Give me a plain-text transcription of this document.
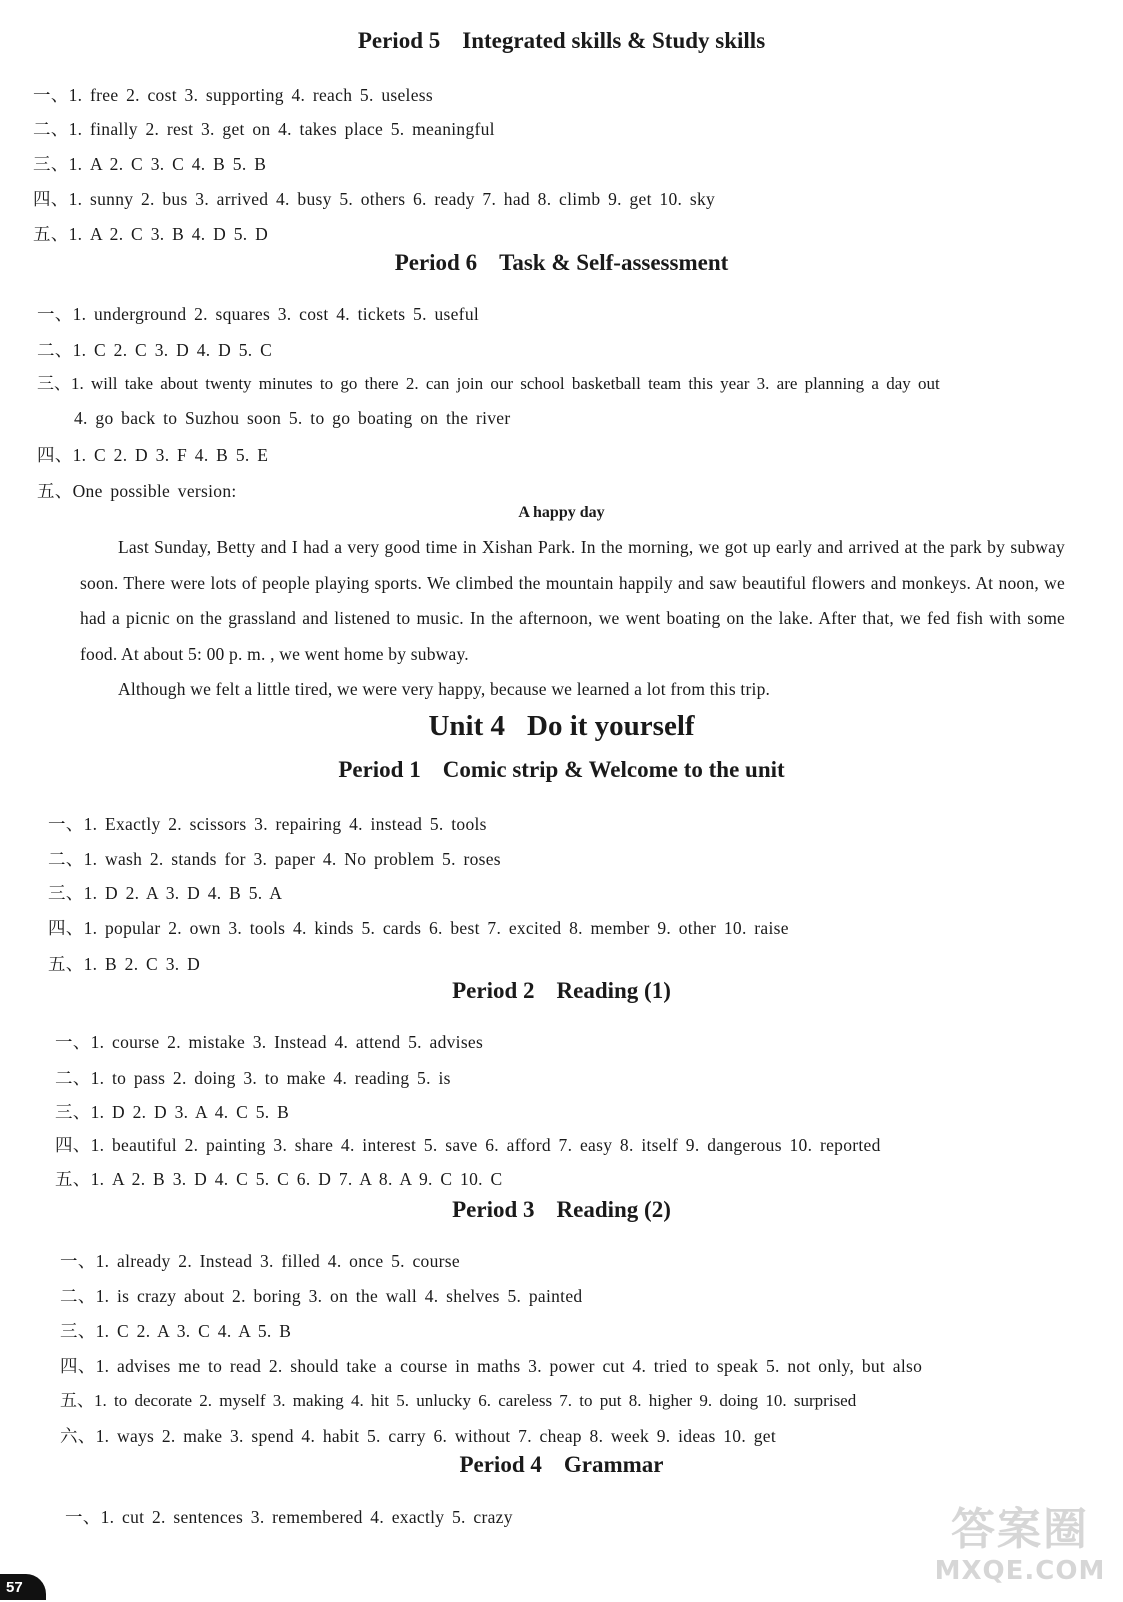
Period 5 Integrated skills & Study skills
一、1. free 2. cost 3. supporting 4. reach 5. useless
二、1. finally 2. rest 3. get on 4. takes place 5. meaningful
三、1. A 2. C 3. C 4. B 5. B
四、1. sunny 2. bus 3. arrived 4. busy 5. others 6. ready 7. had 8. climb 9. get 10. sky
五、1. A 2. C 3. B 4. D 5. D
Period 6 Task & Self-assessment
一、1. underground 2. squares 3. cost 4. tickets 5. useful
二、1. C 2. C 3. D 4. D 5. C
三、1. will take about twenty minutes to go there 2. can join our school basketball team this year 3. are planning a day out
4. go back to Suzhou soon 5. to go boating on the river
四、1. C 2. D 3. F 4. B 5. E
五、One possible version:
A happy day
Last Sunday, Betty and I had a very good time in Xishan Park. In the morning, we got up early and arrived at the park by subway soon. There were lots of people playing sports. We climbed the mountain happily and saw beautiful flowers and monkeys. At noon, we had a picnic on the grassland and listened to music. In the afternoon, we went boating on the lake. After that, we fed fish with some food. At about 5: 00 p. m. , we went home by subway.
Although we felt a little tired, we were very happy, because we learned a lot from this trip.
Unit 4 Do it yourself
Period 1 Comic strip & Welcome to the unit
一、1. Exactly 2. scissors 3. repairing 4. instead 5. tools
二、1. wash 2. stands for 3. paper 4. No problem 5. roses
三、1. D 2. A 3. D 4. B 5. A
四、1. popular 2. own 3. tools 4. kinds 5. cards 6. best 7. excited 8. member 9. other 10. raise
五、1. B 2. C 3. D
Period 2 Reading (1)
一、1. course 2. mistake 3. Instead 4. attend 5. advises
二、1. to pass 2. doing 3. to make 4. reading 5. is
三、1. D 2. D 3. A 4. C 5. B
四、1. beautiful 2. painting 3. share 4. interest 5. save 6. afford 7. easy 8. itself 9. dangerous 10. reported
五、1. A 2. B 3. D 4. C 5. C 6. D 7. A 8. A 9. C 10. C
Period 3 Reading (2)
一、1. already 2. Instead 3. filled 4. once 5. course
二、1. is crazy about 2. boring 3. on the wall 4. shelves 5. painted
三、1. C 2. A 3. C 4. A 5. B
四、1. advises me to read 2. should take a course in maths 3. power cut 4. tried to speak 5. not only, but also
五、1. to decorate 2. myself 3. making 4. hit 5. unlucky 6. careless 7. to put 8. higher 9. doing 10. surprised
六、1. ways 2. make 3. spend 4. habit 5. carry 6. without 7. cheap 8. week 9. ideas 10. get
Period 4 Grammar
一、1. cut 2. sentences 3. remembered 4. exactly 5. crazy
57
答案圈
MXQE.COM
